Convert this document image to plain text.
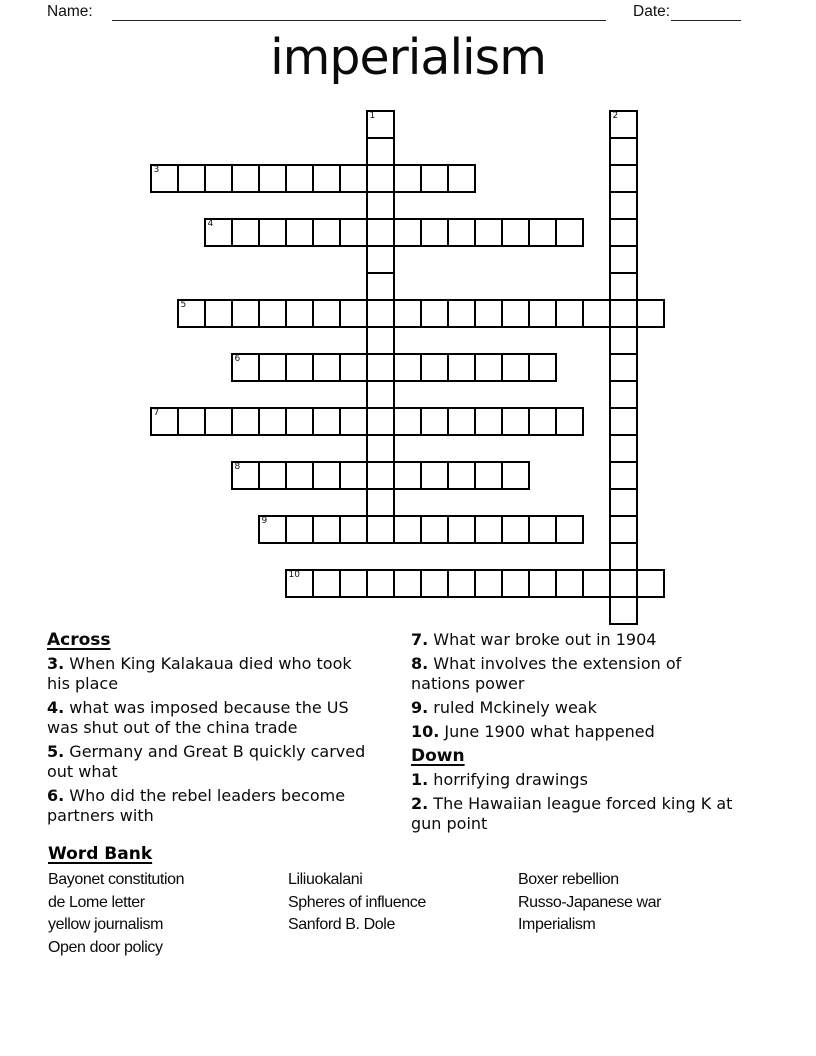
Name:	Date:
imperialism
1	2
3
4
5
6
7
8
9
10
Across

3. When King Kalakaua died who took his place

4. what was imposed because the US was shut out of the china trade

5. Germany and Great B quickly carved out what

6. Who did the rebel leaders become partners with

7. What war broke out in 1904

8. What involves the extension of nations power

9. ruled Mckinely weak

10. June 1900 what happened

Down

1. horrifying drawings

2. The Hawaiian league forced king K at gun point

Word Bank
Bayonet constitution
de Lome letter
yellow journalism
Open door policy
Liliuokalani
Spheres of influence
Sanford B. Dole
Boxer rebellion
Russo-Japanese war
Imperialism
